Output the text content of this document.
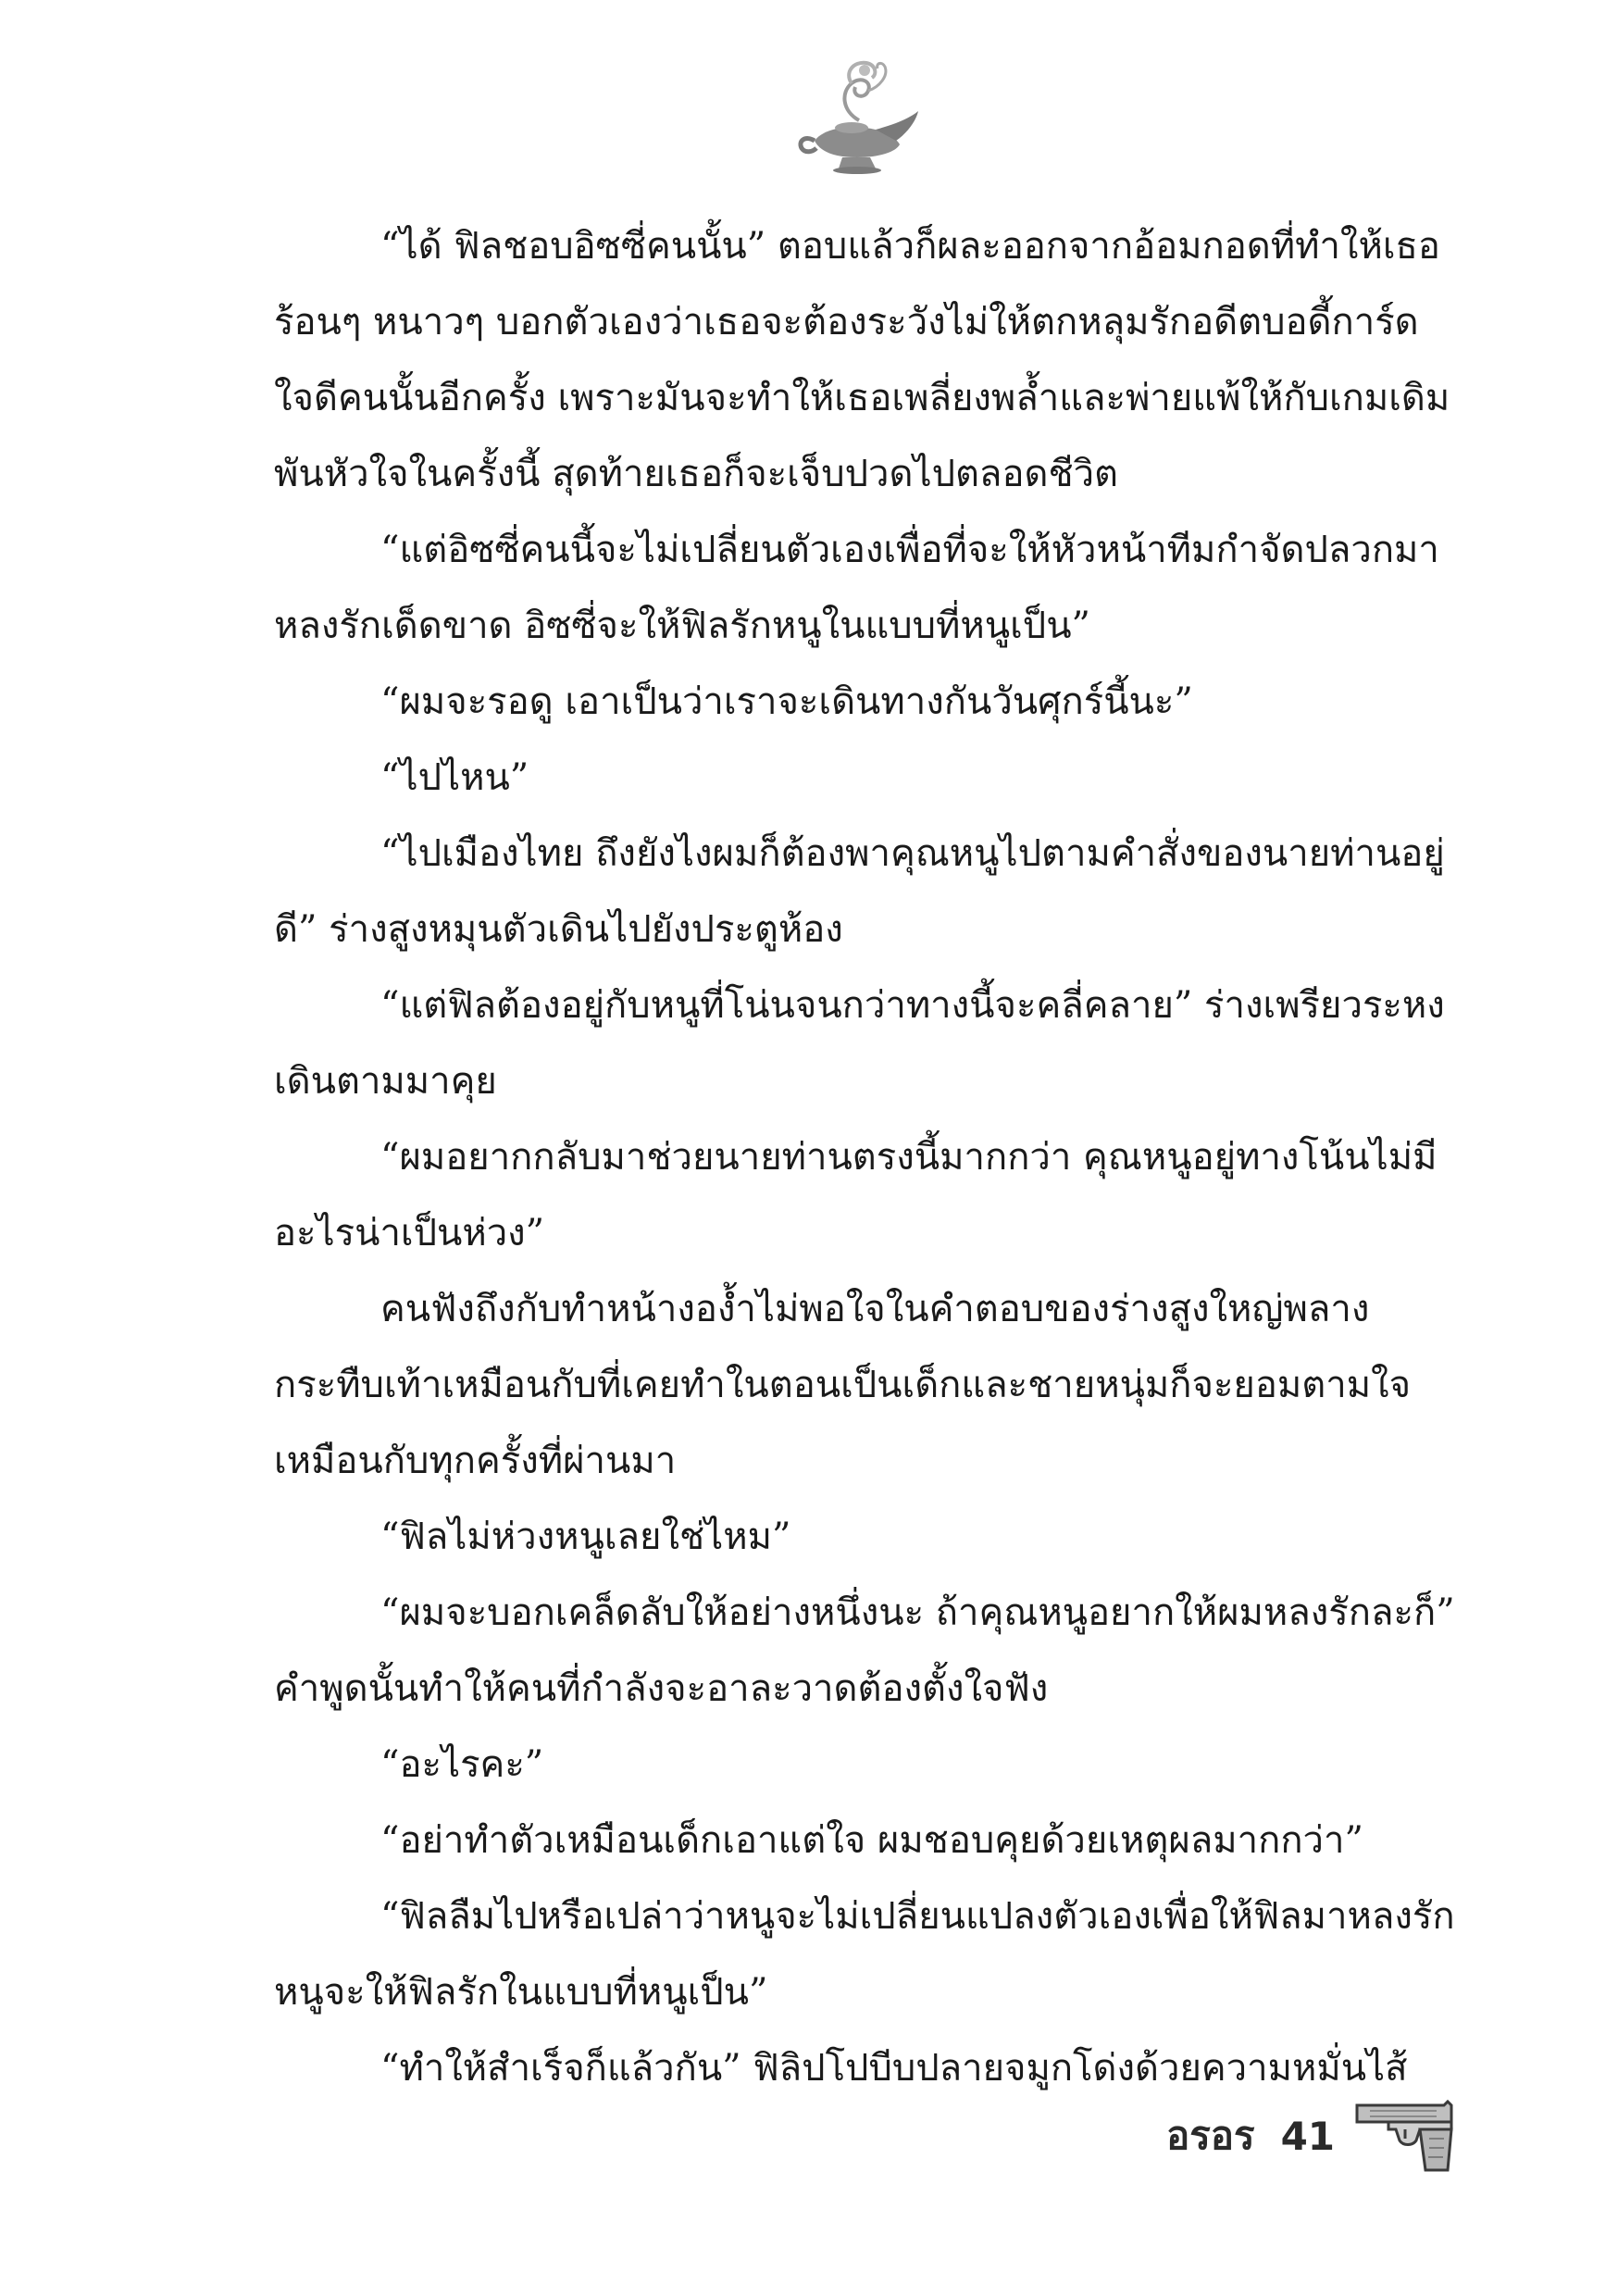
“ได้ ฟิลชอบอิซซี่คนนั้น” ตอบแล้วก็ผละออกจากอ้อมกอดที่ทำให้เธอร้อนๆ หนาวๆ บอกตัวเองว่าเธอจะต้องระวังไม่ให้ตกหลุมรักอดีตบอดี้การ์ดใจดีคนนั้นอีกครั้ง เพราะมันจะทำให้เธอเพลี่ยงพล้ำและพ่ายแพ้ให้กับเกมเดิมพันหัวใจในครั้งนี้ สุดท้ายเธอก็จะเจ็บปวดไปตลอดชีวิต

“แต่อิซซี่คนนี้จะไม่เปลี่ยนตัวเองเพื่อที่จะให้หัวหน้าทีมกำจัดปลวกมาหลงรักเด็ดขาด อิซซี่จะให้ฟิลรักหนูในแบบที่หนูเป็น”

“ผมจะรอดู เอาเป็นว่าเราจะเดินทางกันวันศุกร์นี้นะ”

“ไปไหน”

“ไปเมืองไทย ถึงยังไงผมก็ต้องพาคุณหนูไปตามคำสั่งของนายท่านอยู่ดี” ร่างสูงหมุนตัวเดินไปยังประตูห้อง

“แต่ฟิลต้องอยู่กับหนูที่โน่นจนกว่าทางนี้จะคลี่คลาย” ร่างเพรียวระหงเดินตามมาคุย

“ผมอยากกลับมาช่วยนายท่านตรงนี้มากกว่า คุณหนูอยู่ทางโน้นไม่มีอะไรน่าเป็นห่วง”

คนฟังถึงกับทำหน้างอง้ำไม่พอใจในคำตอบของร่างสูงใหญ่พลางกระทืบเท้าเหมือนกับที่เคยทำในตอนเป็นเด็กและชายหนุ่มก็จะยอมตามใจเหมือนกับทุกครั้งที่ผ่านมา

“ฟิลไม่ห่วงหนูเลยใช่ไหม”

“ผมจะบอกเคล็ดลับให้อย่างหนึ่งนะ ถ้าคุณหนูอยากให้ผมหลงรักละก็” คำพูดนั้นทำให้คนที่กำลังจะอาละวาดต้องตั้งใจฟัง

“อะไรคะ”

“อย่าทำตัวเหมือนเด็กเอาแต่ใจ ผมชอบคุยด้วยเหตุผลมากกว่า”

“ฟิลลืมไปหรือเปล่าว่าหนูจะไม่เปลี่ยนแปลงตัวเองเพื่อให้ฟิลมาหลงรัก หนูจะให้ฟิลรักในแบบที่หนูเป็น”

“ทำให้สำเร็จก็แล้วกัน” ฟิลิปโปบีบปลายจมูกโด่งด้วยความหมั่นไส้

อรอร 41
